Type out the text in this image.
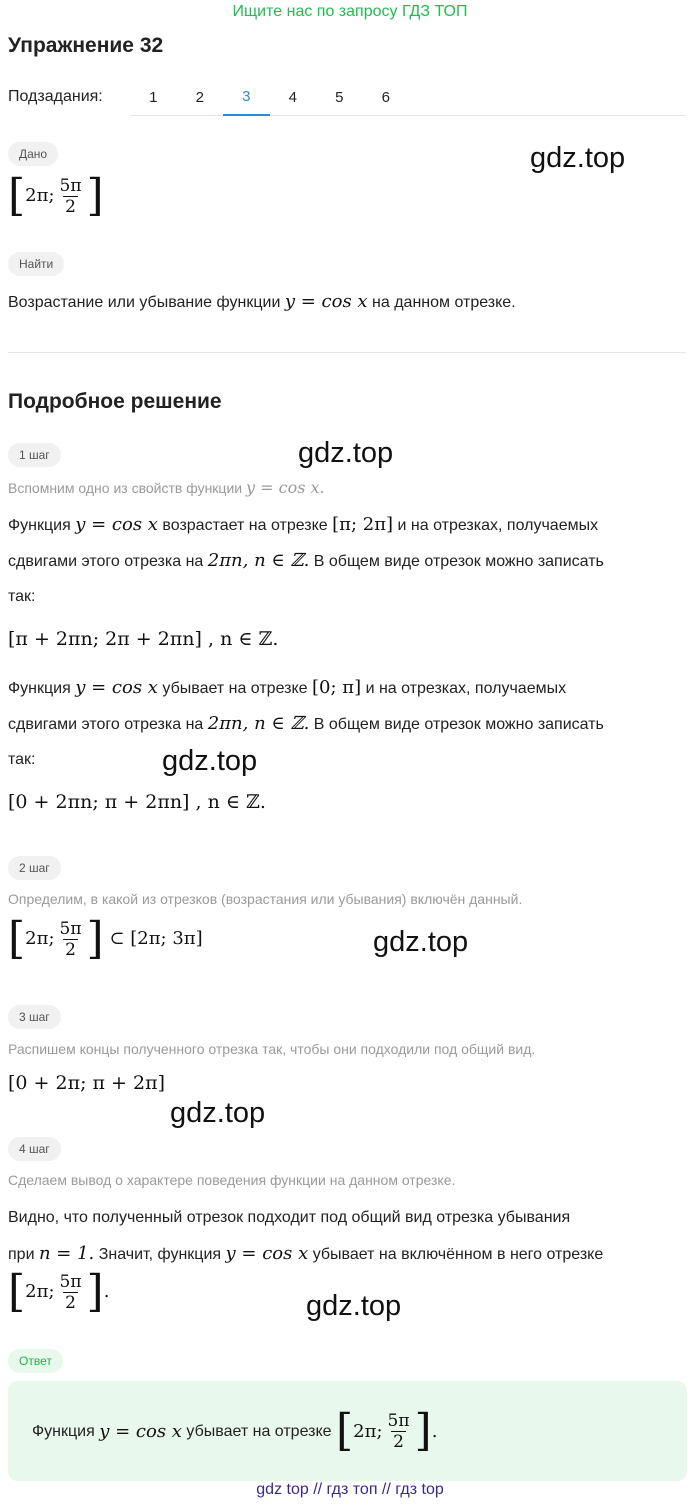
Ищите нас по запросу ГДЗ ТОП
Упражнение 32
Подзадания:	1	2	3	4	5	6
Дано
[2π; $\frac{5\pi}{2}$ ]
gdz.top
Найти
Возрастание или убывание функции y = cos x на данном отрезке.
Подробное решение
1 шаг	gdz.top
Вспомним одно из свойств функции y = cos x.
Функция y = cos x возрастает на отрезке [π; 2π] и на отрезках, получаемых
сдвигами этого отрезка на 2πn, n ∈ ℤ. В общем виде отрезок можно записать
так:
[π + 2πn; 2π + 2πn] , n ∈ ℤ.
Функция y = cos x убывает на отрезке [0; π] и на отрезках, получаемых
сдвигами этого отрезка на 2πn, n ∈ ℤ. В общем виде отрезок можно записать
так:	gdz.top
[0 + 2πn; π + 2πn] , n ∈ ℤ.
2 шаг
Определим, в какой из отрезков (возрастания или убывания) включён данный.
[2π; $\frac{5\pi}{2}$ ] ⊂ [2π; 3π]	gdz.top
3 шаг
Распишем концы полученного отрезка так, чтобы они подходили под общий вид.
[0 + 2π; π + 2π]
gdz.top
4 шаг
Сделаем вывод о характере поведения функции на данном отрезке.
Видно, что полученный отрезок подходит под общий вид отрезка убывания
при n = 1. Значит, функция y = cos x убывает на включённом в него отрезке
[2π; $\frac{5\pi}{2}$ ].	gdz.top
Ответ
Функция
y = cos x
убывает на отрезке
[ 2π; $\frac{5\pi}{2}$ ] .
gdz top // гдз топ // гдз top
